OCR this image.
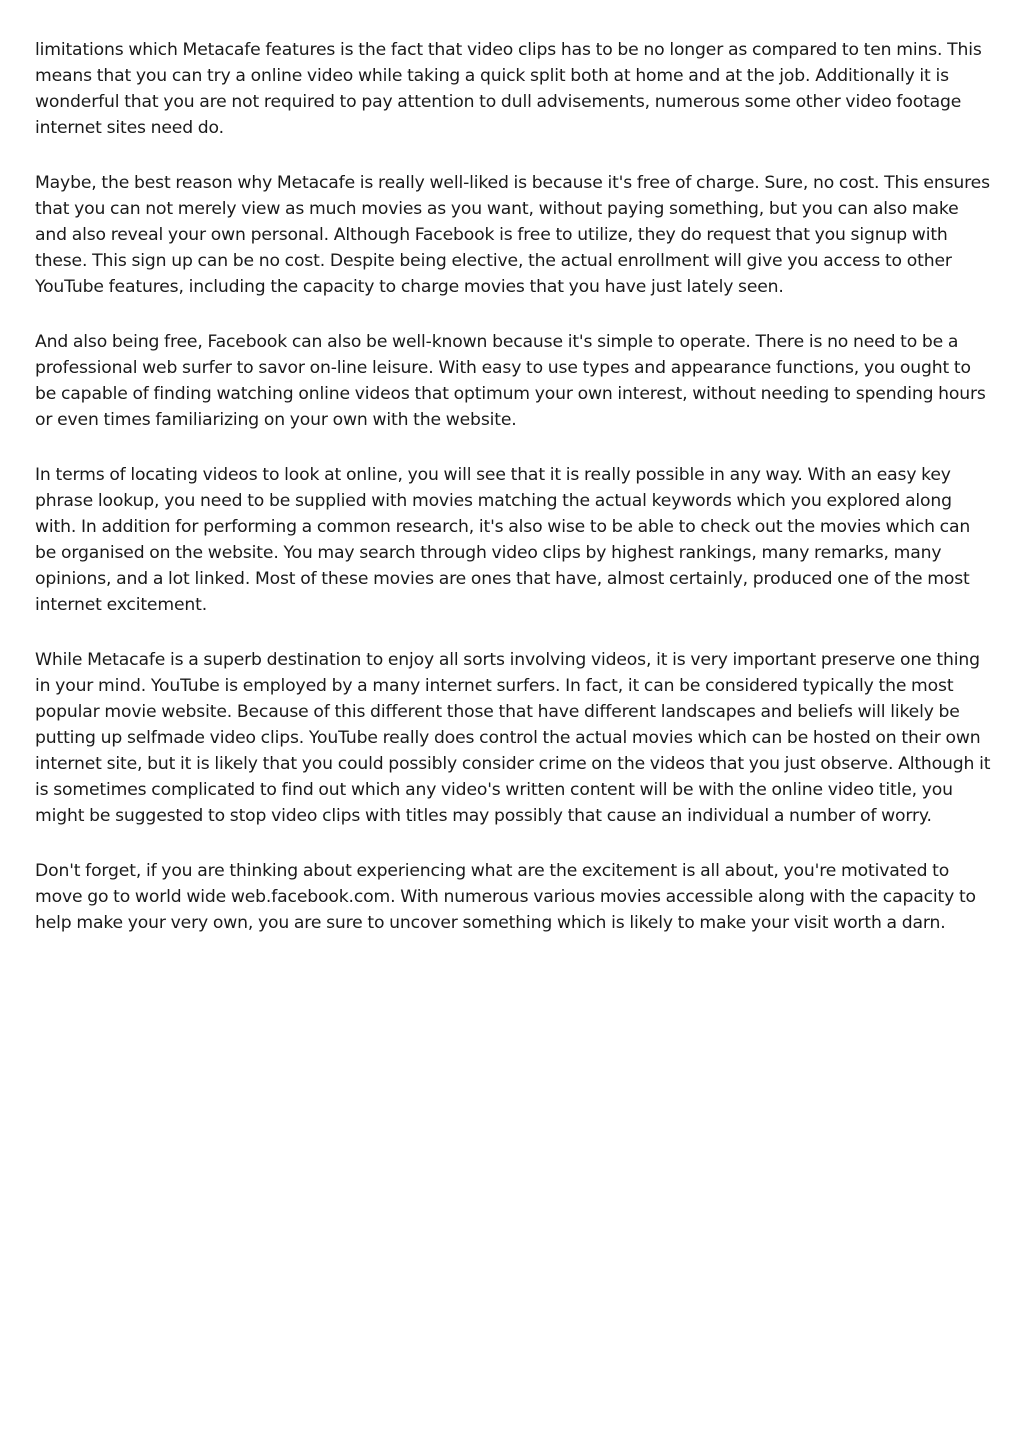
limitations which Metacafe features is the fact that video clips has to be no longer as compared to ten mins. This means that you can try a online video while taking a quick split both at home and at the job. Additionally it is wonderful that you are not required to pay attention to dull advisements, numerous some other video footage internet sites need do.

Maybe, the best reason why Metacafe is really well-liked is because it's free of charge. Sure, no cost. This ensures that you can not merely view as much movies as you want, without paying something, but you can also make and also reveal your own personal. Although Facebook is free to utilize, they do request that you signup with these. This sign up can be no cost. Despite being elective, the actual enrollment will give you access to other YouTube features, including the capacity to charge movies that you have just lately seen.

And also being free, Facebook can also be well-known because it's simple to operate. There is no need to be a professional web surfer to savor on-line leisure. With easy to use types and appearance functions, you ought to be capable of finding watching online videos that optimum your own interest, without needing to spending hours or even times familiarizing on your own with the website.

In terms of locating videos to look at online, you will see that it is really possible in any way. With an easy key phrase lookup, you need to be supplied with movies matching the actual keywords which you explored along with. In addition for performing a common research, it's also wise to be able to check out the movies which can be organised on the website. You may search through video clips by highest rankings, many remarks, many opinions, and a lot linked. Most of these movies are ones that have, almost certainly, produced one of the most internet excitement.

While Metacafe is a superb destination to enjoy all sorts involving videos, it is very important preserve one thing in your mind. YouTube is employed by a many internet surfers. In fact, it can be considered typically the most popular movie website. Because of this different those that have different landscapes and beliefs will likely be putting up selfmade video clips. YouTube really does control the actual movies which can be hosted on their own internet site, but it is likely that you could possibly consider crime on the videos that you just observe. Although it is sometimes complicated to find out which any video's written content will be with the online video title, you might be suggested to stop video clips with titles may possibly that cause an individual a number of worry.

Don't forget, if you are thinking about experiencing what are the excitement is all about, you're motivated to move go to world wide web.facebook.com. With numerous various movies accessible along with the capacity to help make your very own, you are sure to uncover something which is likely to make your visit worth a darn.
